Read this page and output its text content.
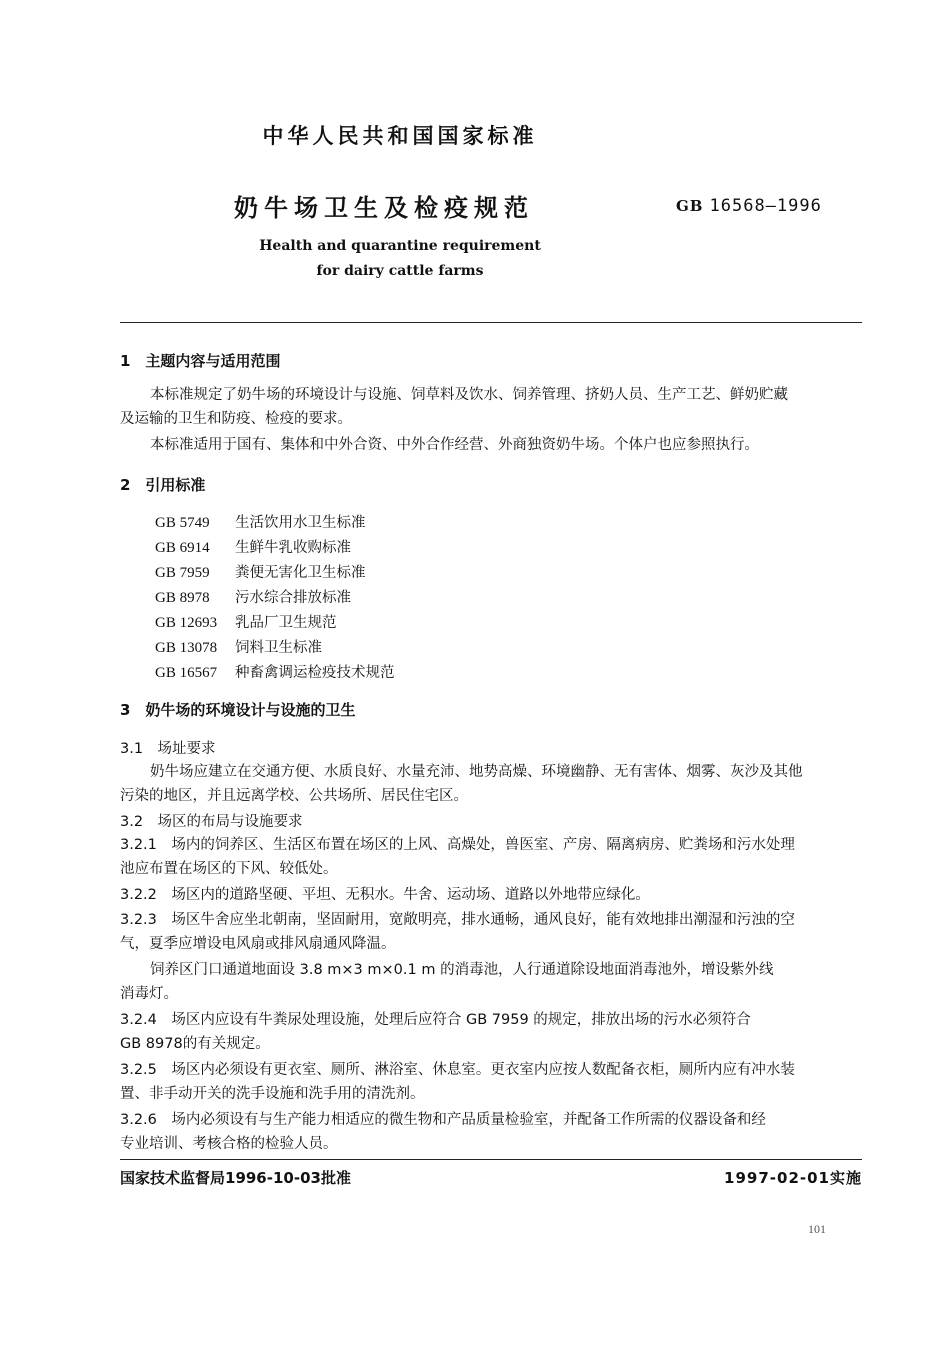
中华人民共和国国家标准
奶牛场卫生及检疫规范	GB 16568—1996
Health and quarantine requirement
for dairy cattle farms
1　主题内容与适用范围
本标准规定了奶牛场的环境设计与设施、饲草料及饮水、饲养管理、挤奶人员、生产工艺、鲜奶贮藏
及运输的卫生和防疫、检疫的要求。
本标准适用于国有、集体和中外合资、中外合作经营、外商独资奶牛场。个体户也应参照执行。
2　引用标准
GB 5749 生活饮用水卫生标准
GB 6914 生鲜牛乳收购标准
GB 7959 粪便无害化卫生标准
GB 8978 污水综合排放标准
GB 12693 乳品厂卫生规范
GB 13078 饲料卫生标准
GB 16567 种畜禽调运检疫技术规范
3　奶牛场的环境设计与设施的卫生
3.1　场址要求
奶牛场应建立在交通方便、水质良好、水量充沛、地势高燥、环境幽静、无有害体、烟雾、灰沙及其他
污染的地区，并且远离学校、公共场所、居民住宅区。
3.2　场区的布局与设施要求
3.2.1　场内的饲养区、生活区布置在场区的上风、高燥处，兽医室、产房、隔离病房、贮粪场和污水处理
池应布置在场区的下风、较低处。
3.2.2　场区内的道路坚硬、平坦、无积水。牛舍、运动场、道路以外地带应绿化。
3.2.3　场区牛舍应坐北朝南，坚固耐用，宽敞明亮，排水通畅，通风良好，能有效地排出潮湿和污浊的空
气，夏季应增设电风扇或排风扇通风降温。
饲养区门口通道地面设 3.8 m×3 m×0.1 m 的消毒池，人行通道除设地面消毒池外，增设紫外线
消毒灯。
3.2.4　场区内应设有牛粪尿处理设施，处理后应符合 GB 7959 的规定，排放出场的污水必须符合
GB 8978的有关规定。
3.2.5　场区内必须设有更衣室、厕所、淋浴室、休息室。更衣室内应按人数配备衣柜，厕所内应有冲水装
置、非手动开关的洗手设施和洗手用的清洗剂。
3.2.6　场内必须设有与生产能力相适应的微生物和产品质量检验室，并配备工作所需的仪器设备和经
专业培训、考核合格的检验人员。
国家技术监督局1996-10-03批准	1997-02-01实施
101
